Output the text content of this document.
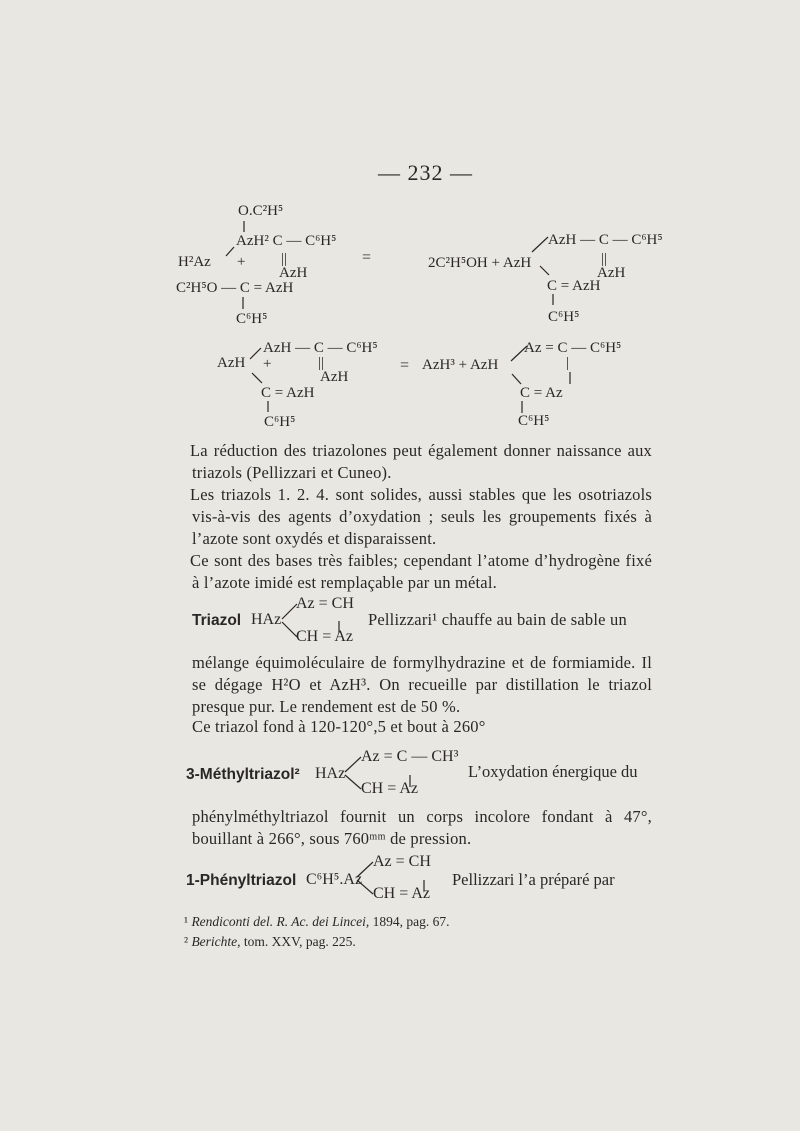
— 232 —
O.C²H⁵
AzH² C — C⁶H⁵
H²Az + ||
AzH
C²H⁵O — C = AzH
C⁶H⁵
=
AzH — C — C⁶H⁵
2C²H⁵OH + AzH	||
AzH
C = AzH
C⁶H⁵
AzH — C — C⁶H⁵
AzH +	||
AzH
C = AzH
C⁶H⁵
=
Az = C — C⁶H⁵
AzH³ + AzH	|
C = Az
C⁶H⁵
La réduction des triazolones peut également donner naissance aux triazols (Pellizzari et Cuneo).
Les triazols 1. 2. 4. sont solides, aussi stables que les osotriazols vis-à-vis des agents d’oxydation ; seuls les groupements fixés à l’azote sont oxydés et disparaissent.
Ce sont des bases très faibles; cependant l’atome d’hydrogène fixé à l’azote imidé est remplaçable par un métal.
Triazol HAz
Az = CH
CH = Az
Pellizzari¹ chauffe au bain de sable un
mélange équimoléculaire de formylhydrazine et de formiamide. Il se dégage H²O et AzH³. On recueille par distillation le triazol presque pur. Le rendement est de 50 %.
Ce triazol fond à 120-120°,5 et bout à 260°
3-Méthyltriazol² HAz
Az = C — CH³
CH = Az
L’oxydation énergique du
phénylméthyltriazol fournit un corps incolore fondant à 47°, bouillant à 266°, sous 760ᵐᵐ de pression.
1-Phényltriazol C⁶H⁵.Az
Az = CH
CH = Az
Pellizzari l’a préparé par
¹ Rendiconti del. R. Ac. dei Lincei, 1894, pag. 67.
² Berichte, tom. XXV, pag. 225.
